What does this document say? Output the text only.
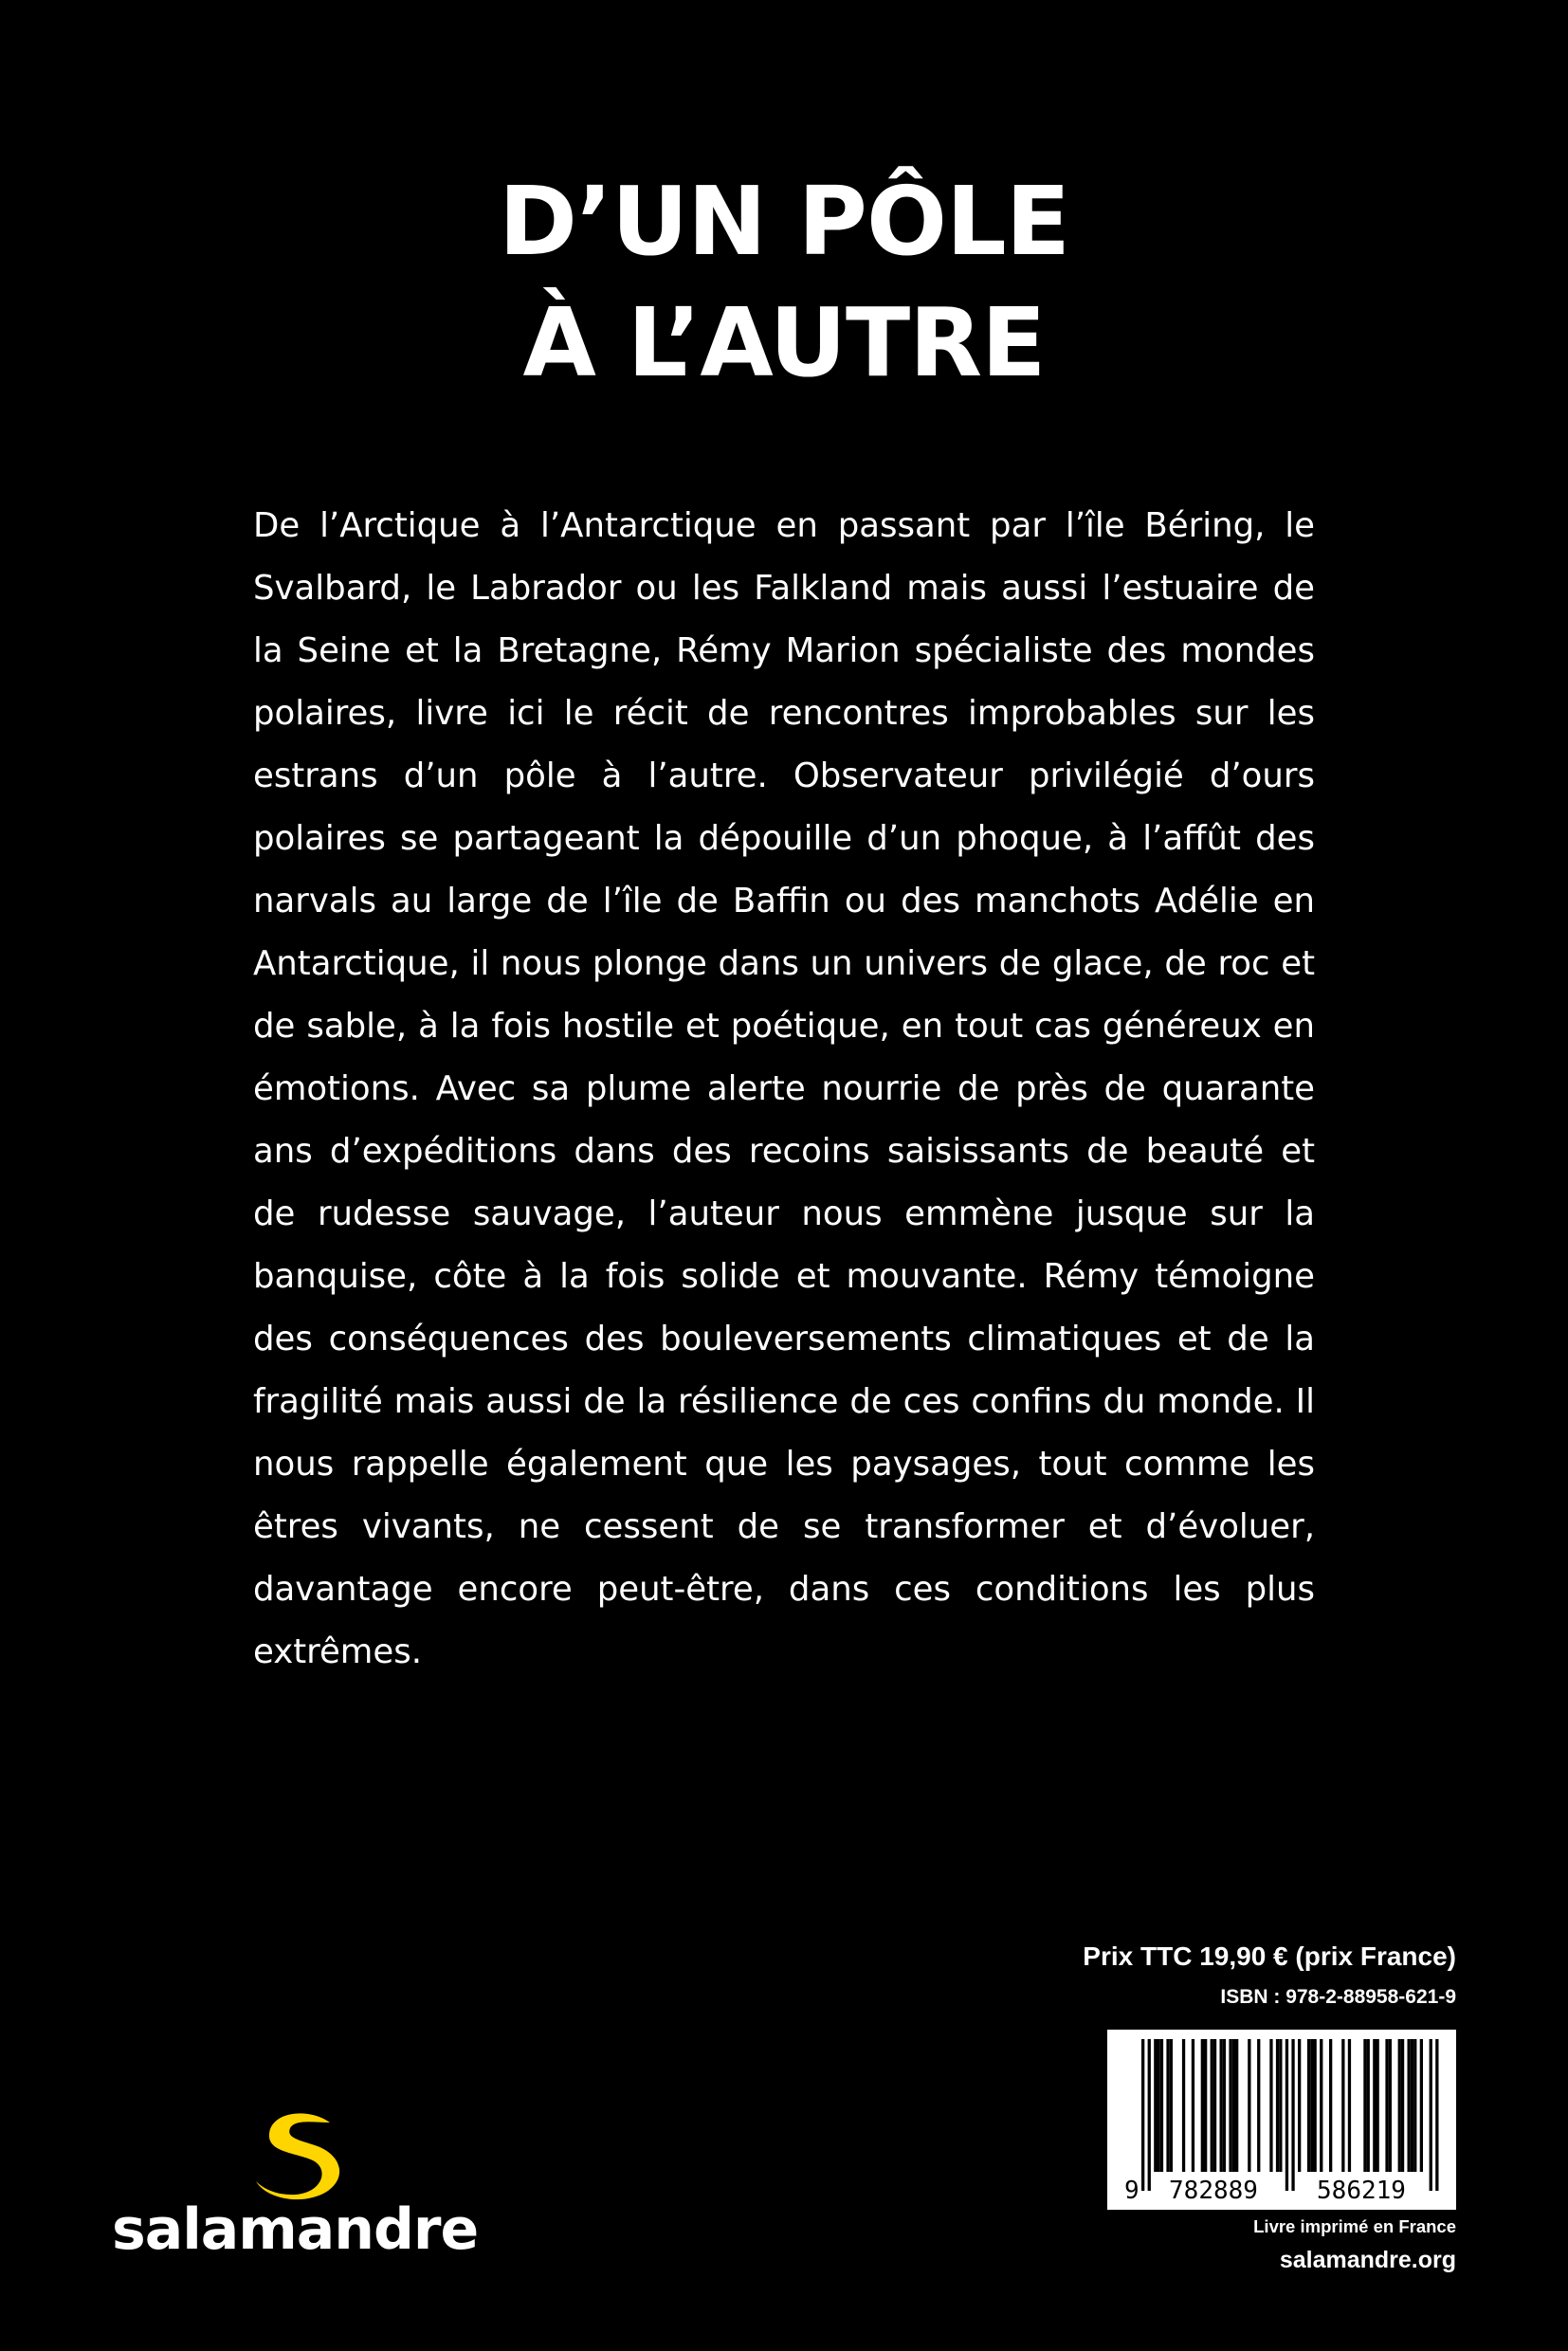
D’UN PÔLE
À L’AUTRE

De l’Arctique à l’Antarctique en passant par l’île Béring, le Svalbard, le Labrador ou les Falkland mais aussi l’estuaire de la Seine et la Bretagne, Rémy Marion spécialiste des mondes polaires, livre ici le récit de rencontres improbables sur les estrans d’un pôle à l’autre. Observateur privilégié d’ours polaires se partageant la dépouille d’un phoque, à l’affût des narvals au large de l’île de Baffin ou des manchots Adélie en Antarctique, il nous plonge dans un univers de glace, de roc et de sable, à la fois hostile et poétique, en tout cas généreux en émotions. Avec sa plume alerte nourrie de près de quarante ans d’expéditions dans des recoins saisissants de beauté et de rudesse sauvage, l’auteur nous emmène jusque sur la banquise, côte à la fois solide et mouvante. Rémy témoigne des conséquences des bouleversements climatiques et de la fragilité mais aussi de la résilience de ces confins du monde. Il nous rappelle également que les paysages, tout comme les êtres vivants, ne cessent de se transformer et d’évoluer, davantage encore peut-être, dans ces conditions les plus extrêmes.

salamandre
Prix TTC 19,90 € (prix France)
ISBN : 978-2-88958-621-9
9 782889 586219
Livre imprimé en France
salamandre.org
